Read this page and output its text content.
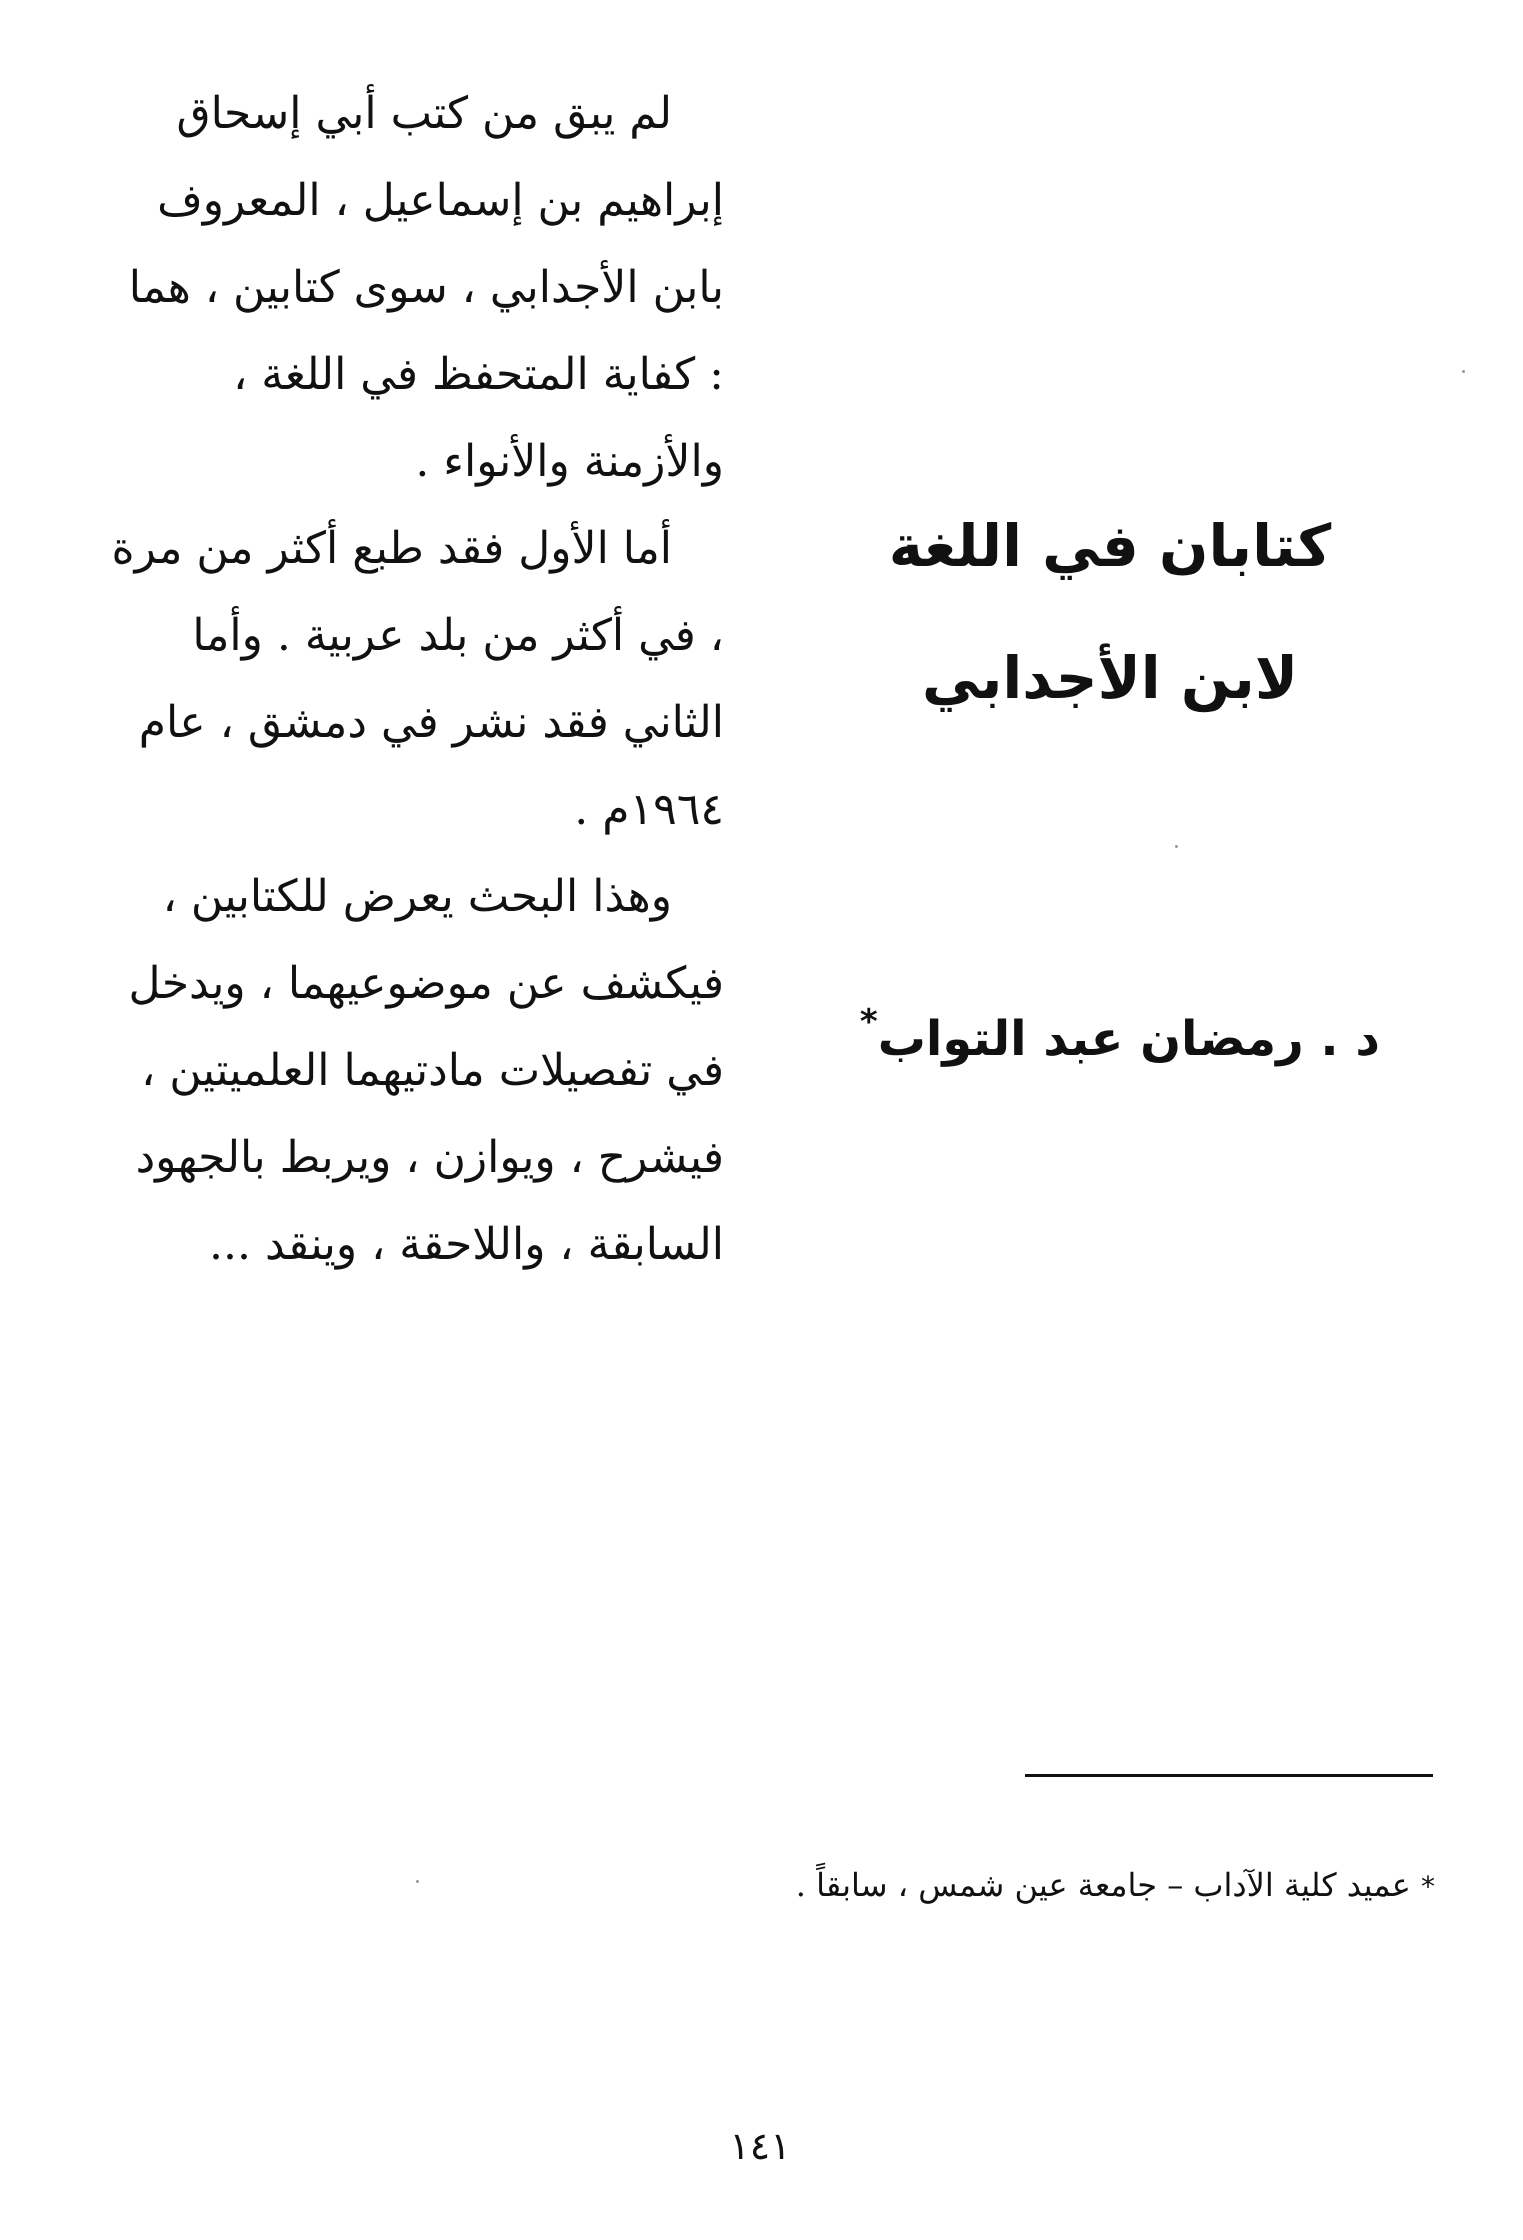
لم يبق من كتب أبي إسحاق إبراهيم بن إسماعيل ، المعروف بابن الأجدابي ، سوى كتابين ، هما : كفاية المتحفظ في اللغة ، والأزمنة والأنواء .

أما الأول فقد طبع أكثر من مرة ، في أكثر من بلد عربية . وأما الثاني فقد نشر في دمشق ، عام ١٩٦٤م .

وهذا البحث يعرض للكتابين ، فيكشف عن موضوعيهما ، ويدخل في تفصيلات مادتيهما العلميتين ، فيشرح ، ويوازن ، ويربط بالجهود السابقة ، واللاحقة ، وينقد ...

كتابان في اللغة
لابن الأجدابي
د . رمضان عبد التواب*
* عميد كلية الآداب – جامعة عين شمس ، سابقاً .
١٤١
